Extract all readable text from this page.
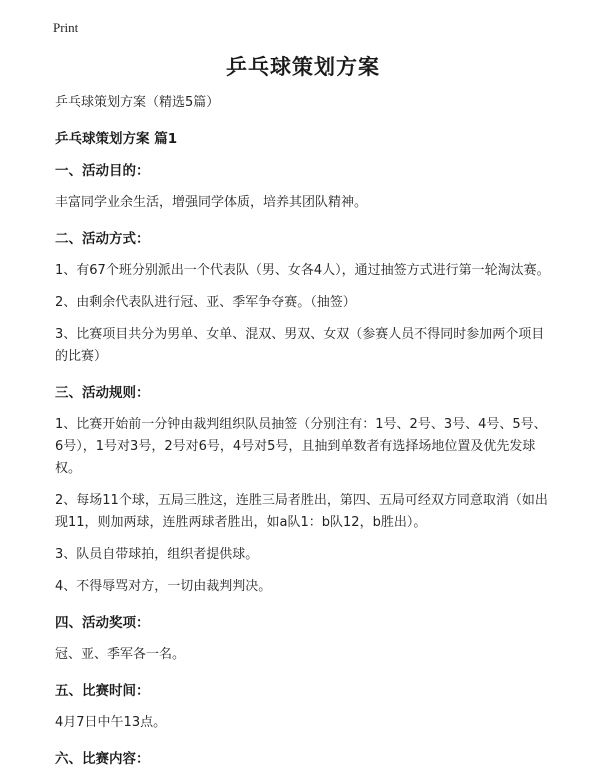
Print
乒乓球策划方案

乒乓球策划方案（精选5篇）

乒乓球策划方案 篇1

一、活动目的：

丰富同学业余生活，增强同学体质，培养其团队精神。

二、活动方式：

1、有67个班分别派出一个代表队（男、女各4人），通过抽签方式进行第一轮淘汰赛。

2、由剩余代表队进行冠、亚、季军争夺赛。（抽签）

3、比赛项目共分为男单、女单、混双、男双、女双（参赛人员不得同时参加两个项目的比赛）

三、活动规则：

1、比赛开始前一分钟由裁判组织队员抽签（分别注有：1号、2号、3号、4号、5号、6号），1号对3号，2号对6号，4号对5号，且抽到单数者有选择场地位置及优先发球权。

2、每场11个球，五局三胜这，连胜三局者胜出，第四、五局可经双方同意取消（如出现11，则加两球，连胜两球者胜出，如a队1：b队12，b胜出）。

3、队员自带球拍，组织者提供球。

4、不得辱骂对方，一切由裁判判决。

四、活动奖项：

冠、亚、季军各一名。

五、比赛时间：

4月7日中午13点。

六、比赛内容：
